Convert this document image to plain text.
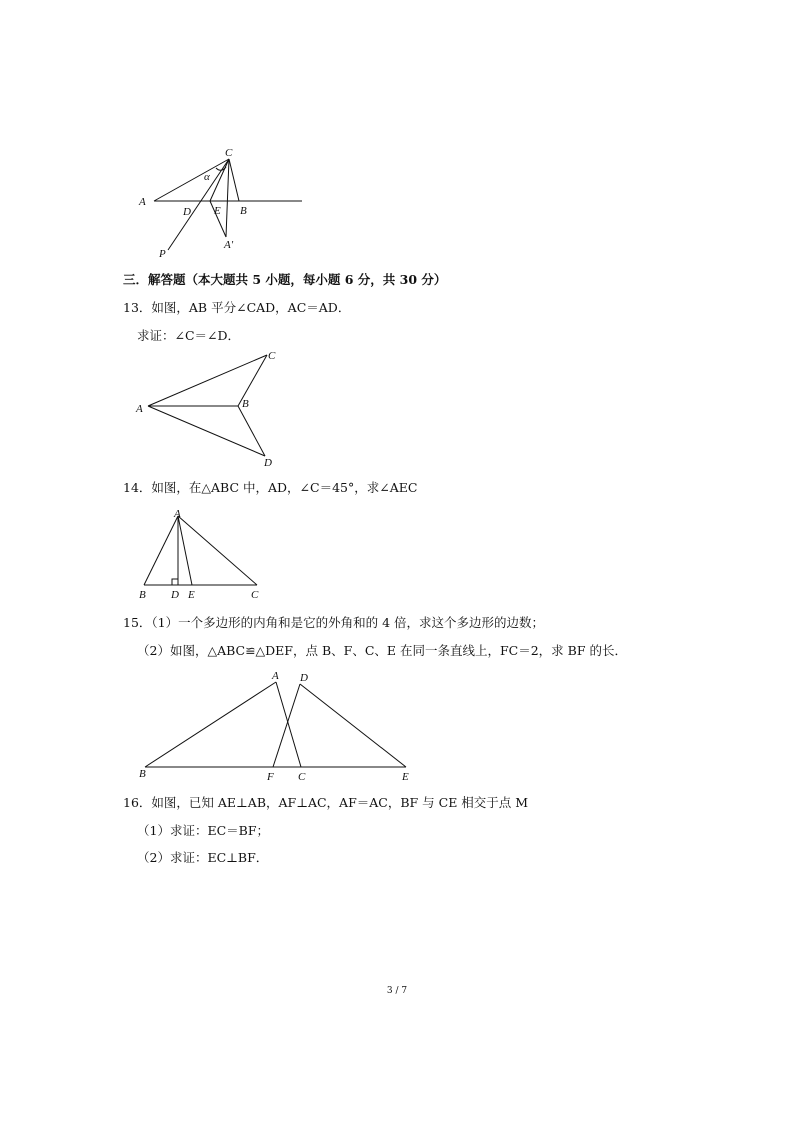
C
α
A
D E B
P
A′
三．解答题（本大题共 5 小题，每小题 6 分，共 30 分）
13．如图，AB 平分∠CAD，AC＝AD．
求证：∠C＝∠D．
A	B
C
D
14．如图，在△ABC 中，AD，∠C＝45°，求∠AEC
A
B D E	C
15．（1）一个多边形的内角和是它的外角和的 4 倍，求这个多边形的边数；
（2）如图，△ABC≌△DEF，点 B、F、C、E 在同一条直线上，FC＝2，求 BF 的长．
A D
B	F C	E
16．如图，已知 AE⊥AB，AF⊥AC，AF＝AC，BF 与 CE 相交于点 M
（1）求证：EC＝BF；
（2）求证：EC⊥BF．
3 / 7
